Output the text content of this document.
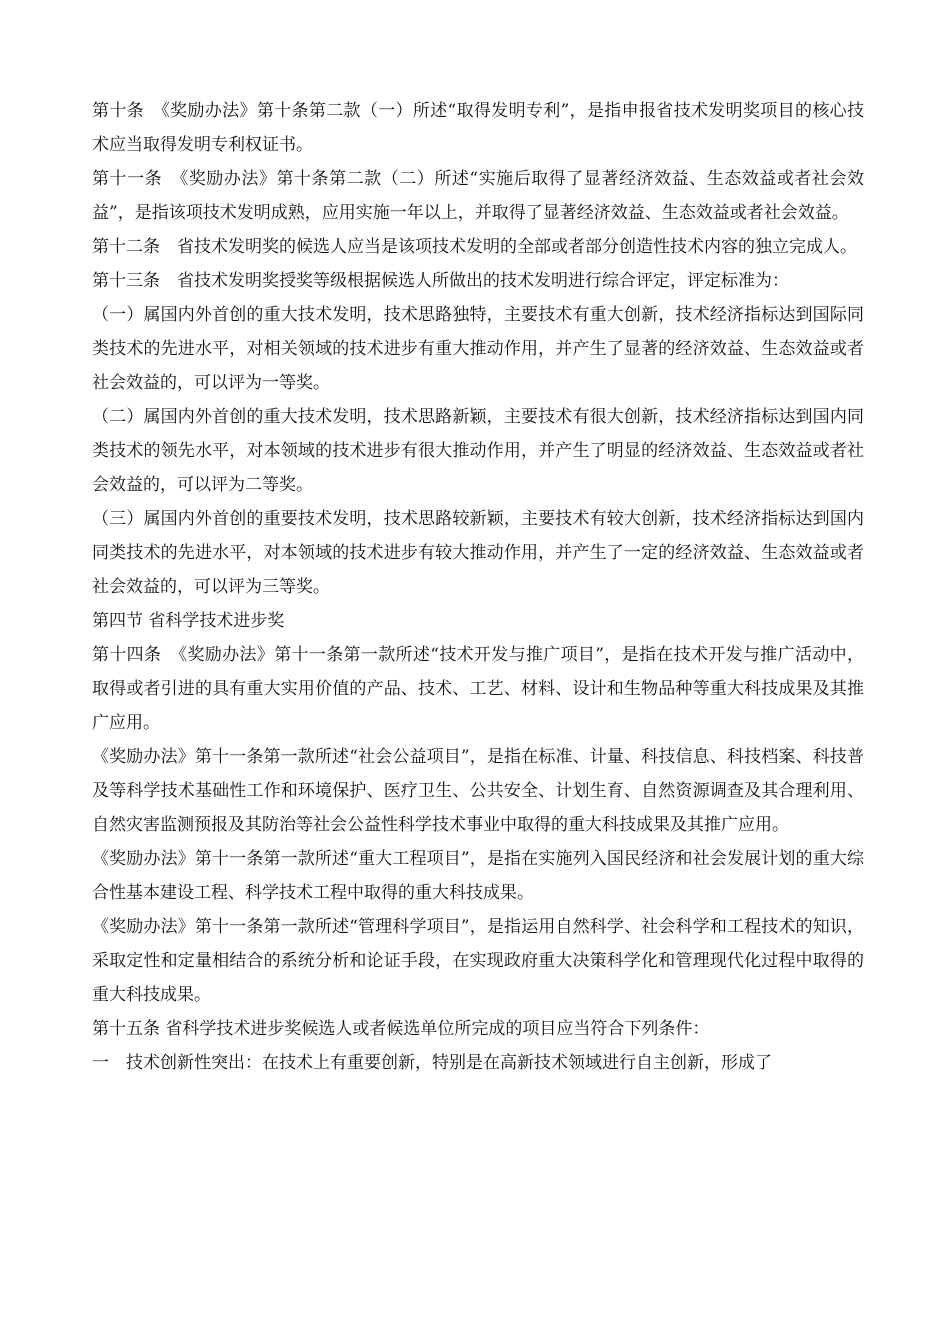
第十条　《奖励办法》第十条第二款（一）所述“取得发明专利”，是指申报省技术发明奖项目的核心技术应当取得发明专利权证书。

第十一条　《奖励办法》第十条第二款（二）所述“实施后取得了显著经济效益、生态效益或者社会效益”，是指该项技术发明成熟，应用实施一年以上，并取得了显著经济效益、生态效益或者社会效益。

第十二条　省技术发明奖的候选人应当是该项技术发明的全部或者部分创造性技术内容的独立完成人。

第十三条　省技术发明奖授奖等级根据候选人所做出的技术发明进行综合评定，评定标准为：

（一）属国内外首创的重大技术发明，技术思路独特，主要技术有重大创新，技术经济指标达到国际同类技术的先进水平，对相关领域的技术进步有重大推动作用，并产生了显著的经济效益、生态效益或者社会效益的，可以评为一等奖。

（二）属国内外首创的重大技术发明，技术思路新颖，主要技术有很大创新，技术经济指标达到国内同类技术的领先水平，对本领域的技术进步有很大推动作用，并产生了明显的经济效益、生态效益或者社会效益的，可以评为二等奖。

（三）属国内外首创的重要技术发明，技术思路较新颖，主要技术有较大创新，技术经济指标达到国内同类技术的先进水平，对本领域的技术进步有较大推动作用，并产生了一定的经济效益、生态效益或者社会效益的，可以评为三等奖。

第四节 省科学技术进步奖

第十四条　《奖励办法》第十一条第一款所述“技术开发与推广项目”，是指在技术开发与推广活动中，取得或者引进的具有重大实用价值的产品、技术、工艺、材料、设计和生物品种等重大科技成果及其推广应用。

《奖励办法》第十一条第一款所述“社会公益项目”，是指在标准、计量、科技信息、科技档案、科技普及等科学技术基础性工作和环境保护、医疗卫生、公共安全、计划生育、自然资源调查及其合理利用、自然灾害监测预报及其防治等社会公益性科学技术事业中取得的重大科技成果及其推广应用。

《奖励办法》第十一条第一款所述“重大工程项目”，是指在实施列入国民经济和社会发展计划的重大综合性基本建设工程、科学技术工程中取得的重大科技成果。

《奖励办法》第十一条第一款所述“管理科学项目”，是指运用自然科学、社会科学和工程技术的知识，采取定性和定量相结合的系统分析和论证手段，在实现政府重大决策科学化和管理现代化过程中取得的重大科技成果。

第十五条 省科学技术进步奖候选人或者候选单位所完成的项目应当符合下列条件：

一　技术创新性突出：在技术上有重要创新，特别是在高新技术领域进行自主创新，形成了
